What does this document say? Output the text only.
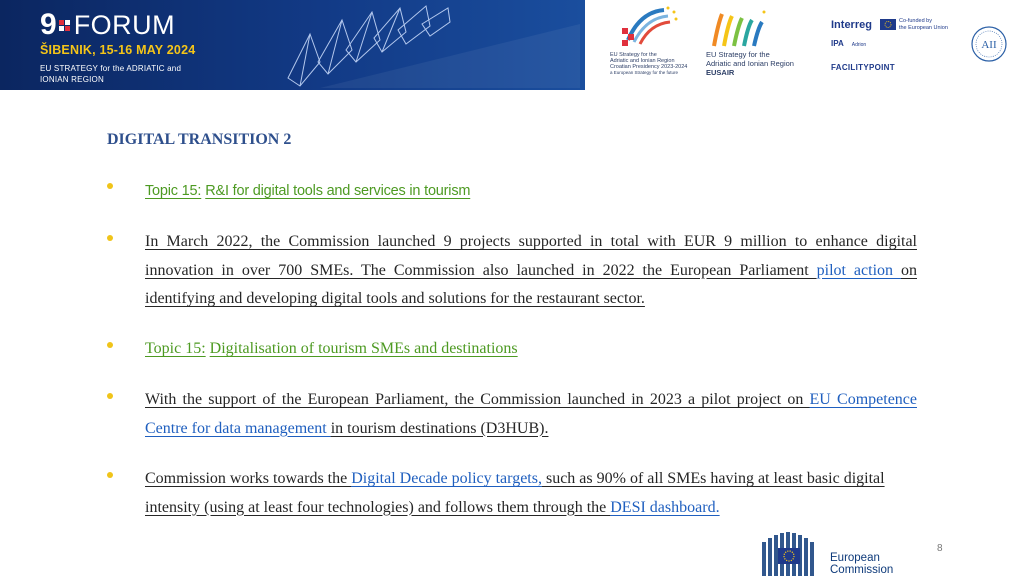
9 FORUM
ŠIBENIK, 15-16 MAY 2024
EU STRATEGY for the ADRIATIC and
IONIAN REGION
EU Strategy for the
Adriatic and Ionian Region
Croatian Presidency 2023-2024
a European Strategy for the future
EU Strategy for the
Adriatic and Ionian Region
EUSAIR
Interreg	Co-funded by
the European Union
IPA Adrion
FACILITYPOINT
AII
DIGITAL TRANSITION 2
Topic 15: R&I for digital tools and services in tourism
In March 2022, the Commission launched 9 projects supported in total with EUR 9 million to enhance digital innovation in over 700 SMEs. The Commission also launched in 2022 the European Parliament pilot action on identifying and developing digital tools and solutions for the restaurant sector.
Topic 15: Digitalisation of tourism SMEs and destinations
With the support of the European Parliament, the Commission launched in 2023 a pilot project on EU Competence Centre for data management in tourism destinations (D3HUB).
Commission works towards the Digital Decade policy targets, such as 90% of all SMEs having at least basic digital intensity (using at least four technologies) and follows them through the DESI dashboard.
8
European
Commission
